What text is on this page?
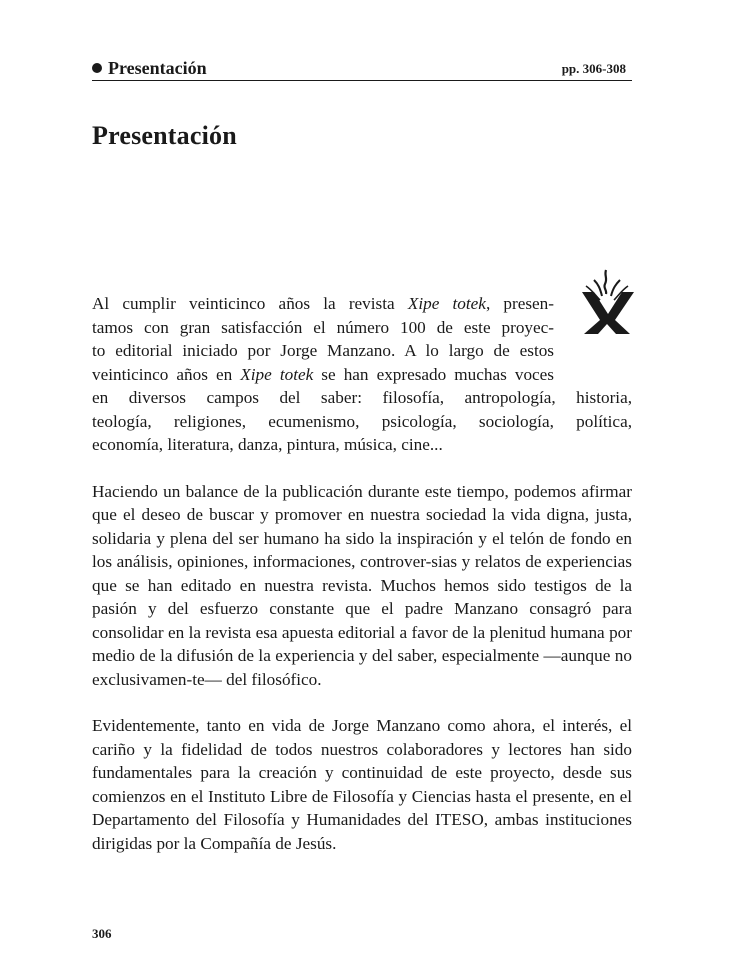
Presentación	pp. 306-308
Presentación

Al cumplir veinticinco años la revista Xipe totek, presen-
tamos con gran satisfacción el número 100 de este proyec-
to editorial iniciado por Jorge Manzano. A lo largo de estos
veinticinco años en Xipe totek se han expresado muchas voces
en diversos campos del saber: filosofía, antropología, historia,
teología, religiones, ecumenismo, psicología, sociología, política,
economía, literatura, danza, pintura, música, cine...

Haciendo un balance de la publicación durante este tiempo, podemos afirmar que el deseo de buscar y promover en nuestra sociedad la vida digna, justa, solidaria y plena del ser humano ha sido la inspiración y el telón de fondo en los análisis, opiniones, informaciones, controver-sias y relatos de experiencias que se han editado en nuestra revista. Muchos hemos sido testigos de la pasión y del esfuerzo constante que el padre Manzano consagró para consolidar en la revista esa apuesta editorial a favor de la plenitud humana por medio de la difusión de la experiencia y del saber, especialmente —aunque no exclusivamen-te— del filosófico.

Evidentemente, tanto en vida de Jorge Manzano como ahora, el interés, el cariño y la fidelidad de todos nuestros colaboradores y lectores han sido fundamentales para la creación y continuidad de este proyecto, desde sus comienzos en el Instituto Libre de Filosofía y Ciencias hasta el presente, en el Departamento del Filosofía y Humanidades del ITESO, ambas instituciones dirigidas por la Compañía de Jesús.

306
